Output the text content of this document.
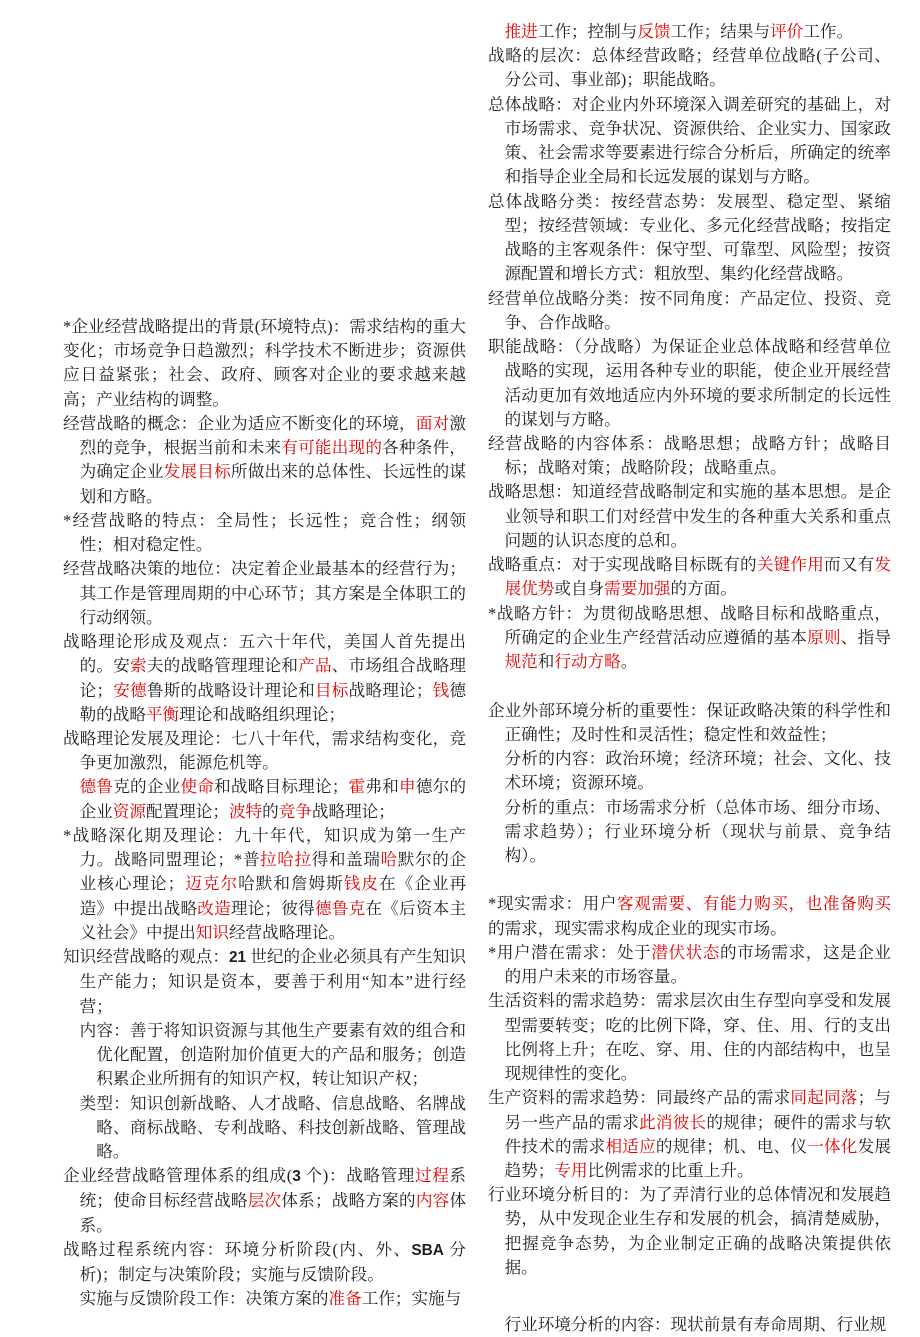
*企业经营战略提出的背景(环境特点)：需求结构的重大变化；市场竞争日趋激烈；科学技术不断进步；资源供应日益紧张；社会、政府、顾客对企业的要求越来越高；产业结构的调整。
经营战略的概念：企业为适应不断变化的环境，面对激烈的竞争，根据当前和未来有可能出现的各种条件，为确定企业发展目标所做出来的总体性、长远性的谋划和方略。
*经营战略的特点：全局性；长远性；竞合性；纲领性；相对稳定性。
经营战略决策的地位：决定着企业最基本的经营行为；其工作是管理周期的中心环节；其方案是全体职工的行动纲领。
战略理论形成及观点：五六十年代，美国人首先提出的。安索夫的战略管理理论和产品、市场组合战略理论；安德鲁斯的战略设计理论和目标战略理论；钱德勒的战略平衡理论和战略组织理论；
战略理论发展及理论：七八十年代，需求结构变化，竞争更加激烈，能源危机等。
德鲁克的企业使命和战略目标理论；霍弗和申德尔的企业资源配置理论；波特的竞争战略理论；
*战略深化期及理论：九十年代，知识成为第一生产力。战略同盟理论；*普拉哈拉得和盖瑞哈默尔的企业核心理论；迈克尔哈默和詹姆斯钱皮在《企业再造》中提出战略改造理论；彼得德鲁克在《后资本主义社会》中提出知识经营战略理论。
知识经营战略的观点：21 世纪的企业必须具有产生知识生产能力；知识是资本，要善于利用“知本”进行经营；
内容：善于将知识资源与其他生产要素有效的组合和优化配置，创造附加价值更大的产品和服务；创造积累企业所拥有的知识产权，转让知识产权；
类型：知识创新战略、人才战略、信息战略、名牌战略、商标战略、专利战略、科技创新战略、管理战略。
企业经营战略管理体系的组成(3 个)：战略管理过程系统；使命目标经营战略层次体系；战略方案的内容体系。
战略过程系统内容：环境分析阶段(内、外、SBA 分析)；制定与决策阶段；实施与反馈阶段。
实施与反馈阶段工作：决策方案的准备工作；实施与
推进工作；控制与反馈工作；结果与评价工作。
战略的层次：总体经营政略；经营单位战略(子公司、分公司、事业部)；职能战略。
总体战略：对企业内外环境深入调差研究的基础上，对市场需求、竞争状况、资源供给、企业实力、国家政策、社会需求等要素进行综合分析后，所确定的统率和指导企业全局和长远发展的谋划与方略。
总体战略分类：按经营态势：发展型、稳定型、紧缩型；按经营领域：专业化、多元化经营战略；按指定战略的主客观条件：保守型、可靠型、风险型；按资源配置和增长方式：粗放型、集约化经营战略。
经营单位战略分类：按不同角度：产品定位、投资、竞争、合作战略。
职能战略：（分战略）为保证企业总体战略和经营单位战略的实现，运用各种专业的职能，使企业开展经营活动更加有效地适应内外环境的要求所制定的长远性的谋划与方略。
经营战略的内容体系：战略思想；战略方针；战略目标；战略对策；战略阶段；战略重点。
战略思想：知道经营战略制定和实施的基本思想。是企业领导和职工们对经营中发生的各种重大关系和重点问题的认识态度的总和。
战略重点：对于实现战略目标既有的关键作用而又有发展优势或自身需要加强的方面。
*战略方针：为贯彻战略思想、战略目标和战略重点，所确定的企业生产经营活动应遵循的基本原则、指导规范和行动方略。
企业外部环境分析的重要性：保证政略决策的科学性和正确性；及时性和灵活性；稳定性和效益性；
分析的内容：政治环境；经济环境；社会、文化、技术环境；资源环境。
分析的重点：市场需求分析（总体市场、细分市场、需求趋势）；行业环境分析（现状与前景、竞争结构）。
*现实需求：用户客观需要、有能力购买，也准备购买的需求，现实需求构成企业的现实市场。
*用户潜在需求：处于潜伏状态的市场需求，这是企业的用户未来的市场容量。
生活资料的需求趋势：需求层次由生存型向享受和发展型需要转变；吃的比例下降，穿、住、用、行的支出比例将上升；在吃、穿、用、住的内部结构中，也呈现规律性的变化。
生产资料的需求趋势：同最终产品的需求同起同落；与另一些产品的需求此消彼长的规律；硬件的需求与软件技术的需求相适应的规律；机、电、仪一体化发展趋势；专用比例需求的比重上升。
行业环境分析目的：为了弄清行业的总体情况和发展趋势，从中发现企业生存和发展的机会，搞清楚威胁，把握竞争态势，为企业制定正确的战略决策提供依据。
行业环境分析的内容：现状前景有寿命周期、行业规
